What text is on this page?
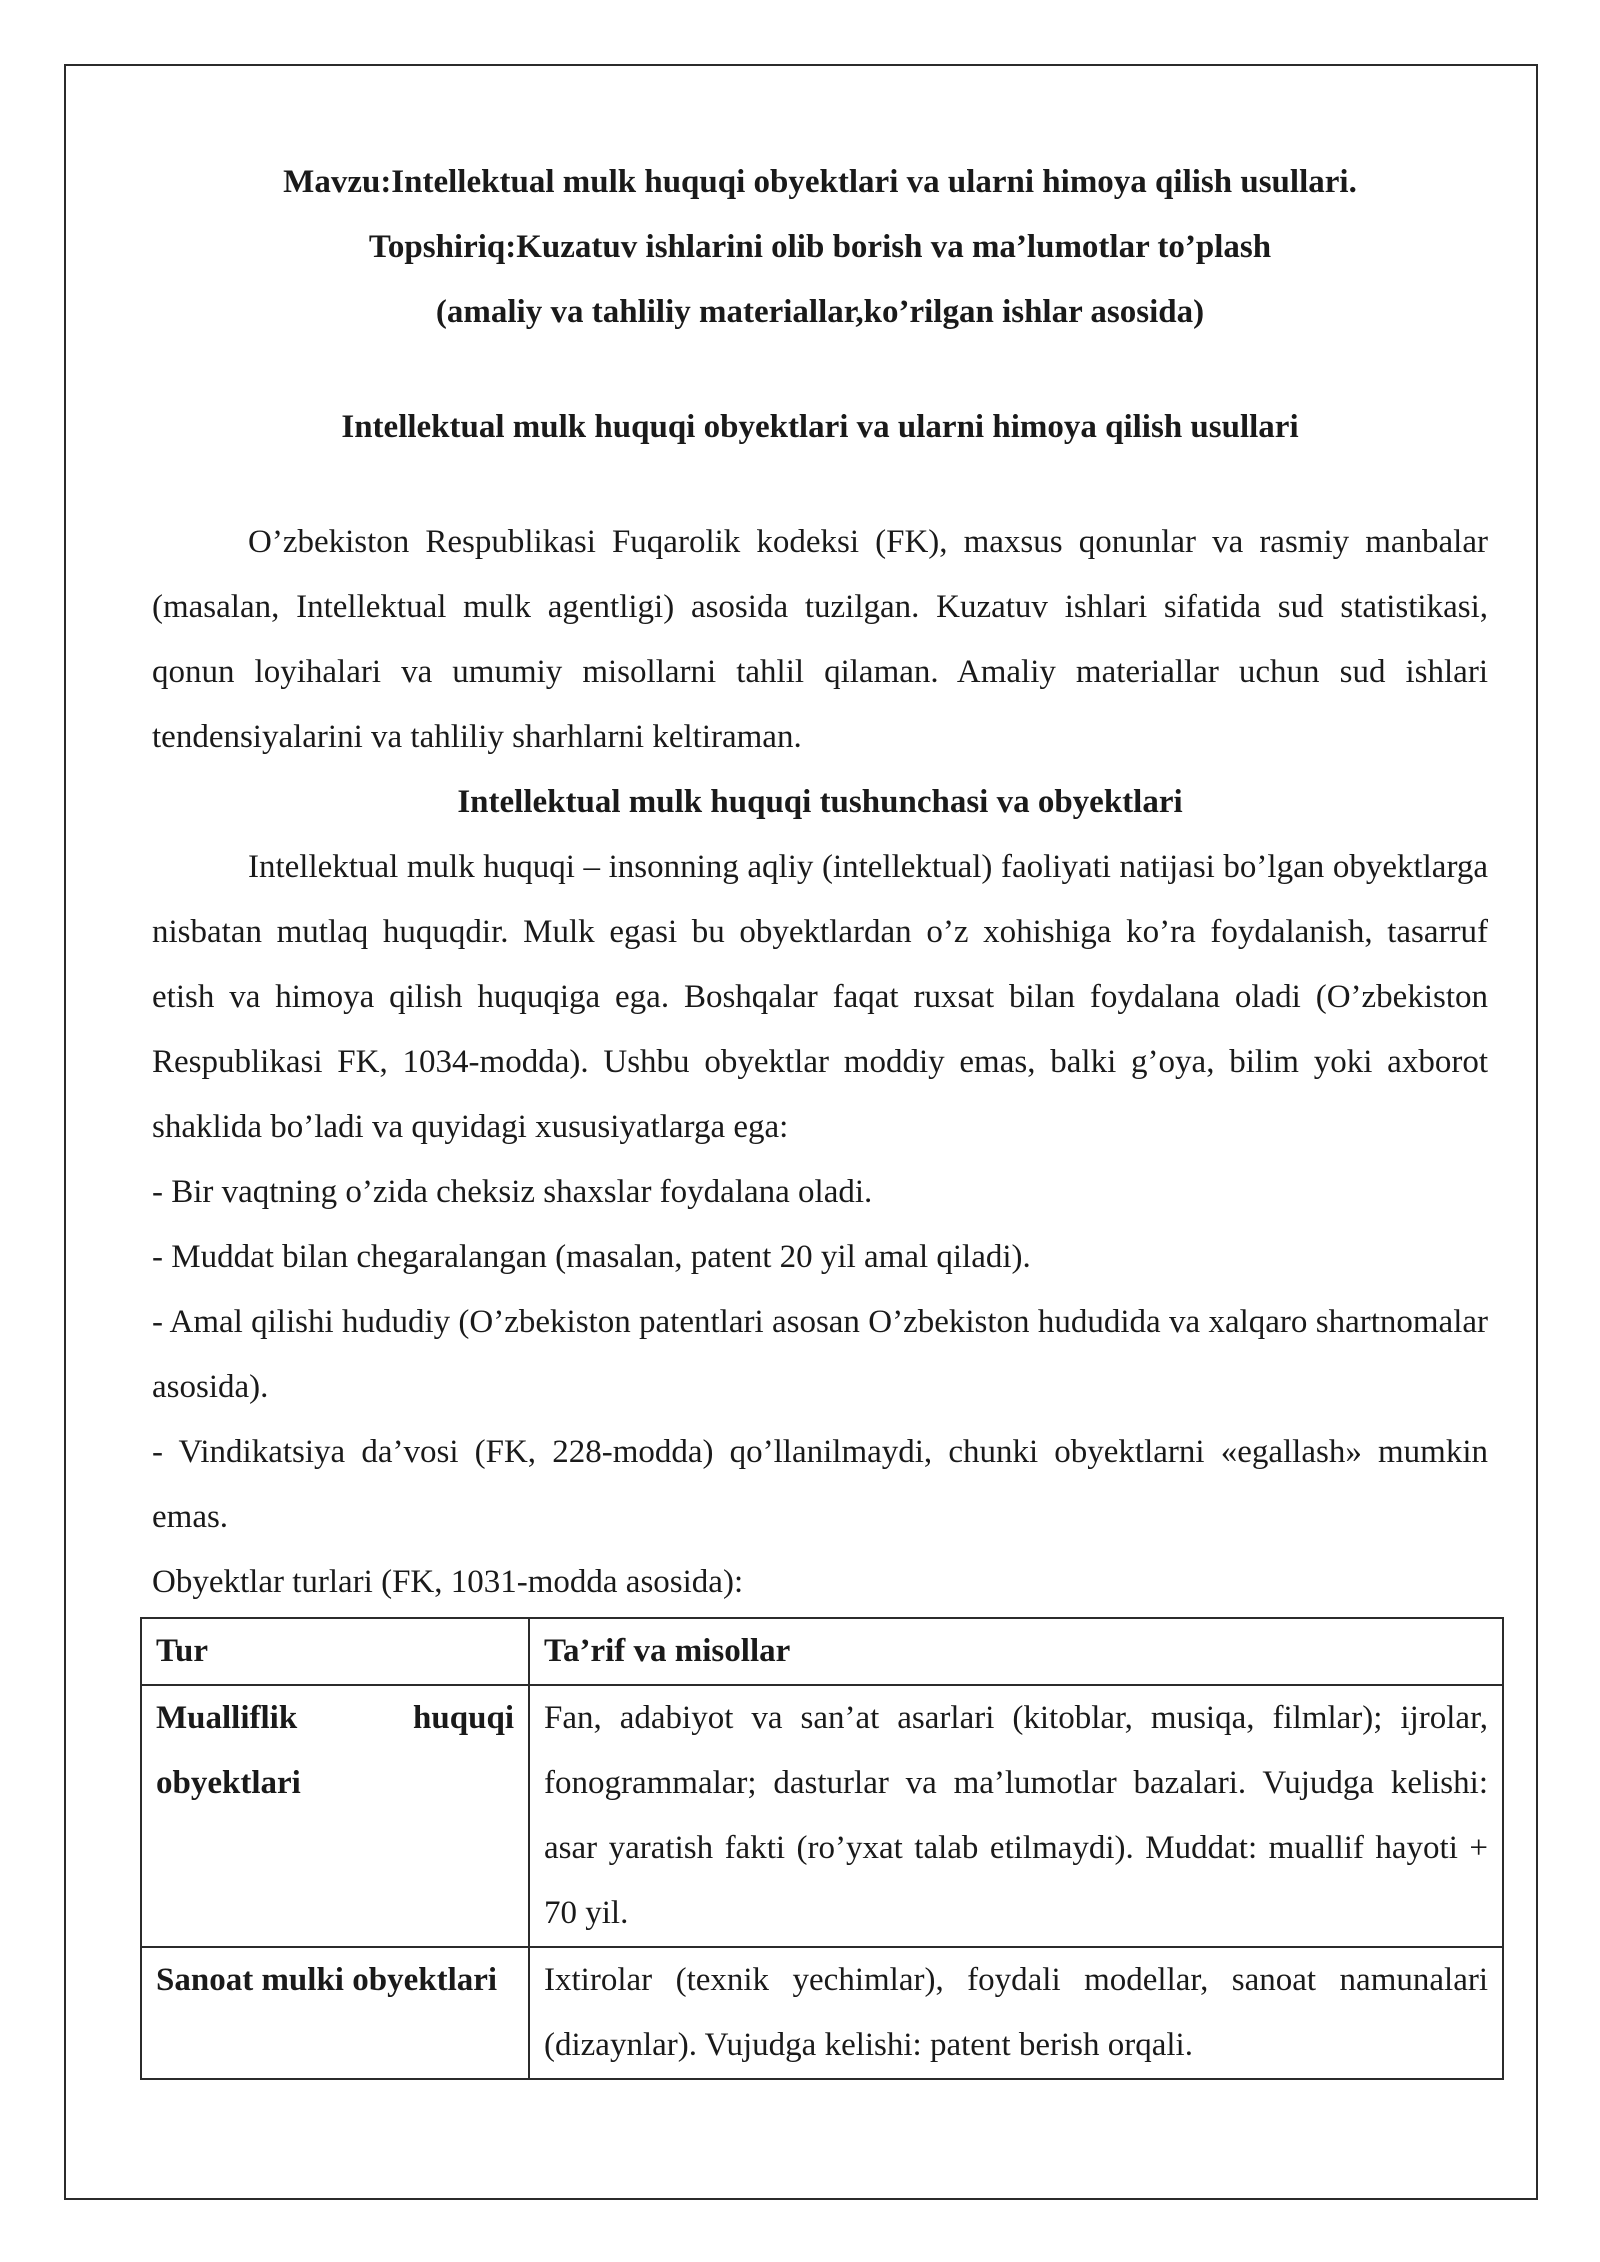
Mavzu:Intellektual mulk huquqi obyektlari va ularni himoya qilish usullari.
Topshiriq:Kuzatuv ishlarini olib borish va ma’lumotlar to’plash
(amaliy va tahliliy materiallar,ko’rilgan ishlar asosida)
Intellektual mulk huquqi obyektlari va ularni himoya qilish usullari

O’zbekiston Respublikasi Fuqarolik kodeksi (FK), maxsus qonunlar va rasmiy manbalar (masalan, Intellektual mulk agentligi) asosida tuzilgan. Kuzatuv ishlari sifatida sud statistikasi, qonun loyihalari va umumiy misollarni tahlil qilaman. Amaliy materiallar uchun sud ishlari tendensiyalarini va tahliliy sharhlarni keltiraman.

Intellektual mulk huquqi tushunchasi va obyektlari

Intellektual mulk huquqi – insonning aqliy (intellektual) faoliyati natijasi bo’lgan obyektlarga nisbatan mutlaq huquqdir. Mulk egasi bu obyektlardan o’z xohishiga ko’ra foydalanish, tasarruf etish va himoya qilish huquqiga ega. Boshqalar faqat ruxsat bilan foydalana oladi (O’zbekiston Respublikasi FK, 1034-modda). Ushbu obyektlar moddiy emas, balki g’oya, bilim yoki axborot shaklida bo’ladi va quyidagi xususiyatlarga ega:

- Bir vaqtning o’zida cheksiz shaxslar foydalana oladi.

- Muddat bilan chegaralangan (masalan, patent 20 yil amal qiladi).

- Amal qilishi hududiy (O’zbekiston patentlari asosan O’zbekiston hududida va xalqaro shartnomalar asosida).

- Vindikatsiya da’vosi (FK, 228-modda) qo’llanilmaydi, chunki obyektlarni «egallash» mumkin emas.

Obyektlar turlari (FK, 1031-modda asosida):

Tur	Ta’rif va misollar
Mualliflik huquqi obyektlari	Fan, adabiyot va san’at asarlari (kitoblar, musiqa, filmlar); ijrolar, fonogrammalar; dasturlar va ma’lumotlar bazalari. Vujudga kelishi: asar yaratish fakti (ro’yxat talab etilmaydi). Muddat: muallif hayoti + 70 yil.
Sanoat mulki obyektlari	Ixtirolar (texnik yechimlar), foydali modellar, sanoat namunalari (dizaynlar). Vujudga kelishi: patent berish orqali.
